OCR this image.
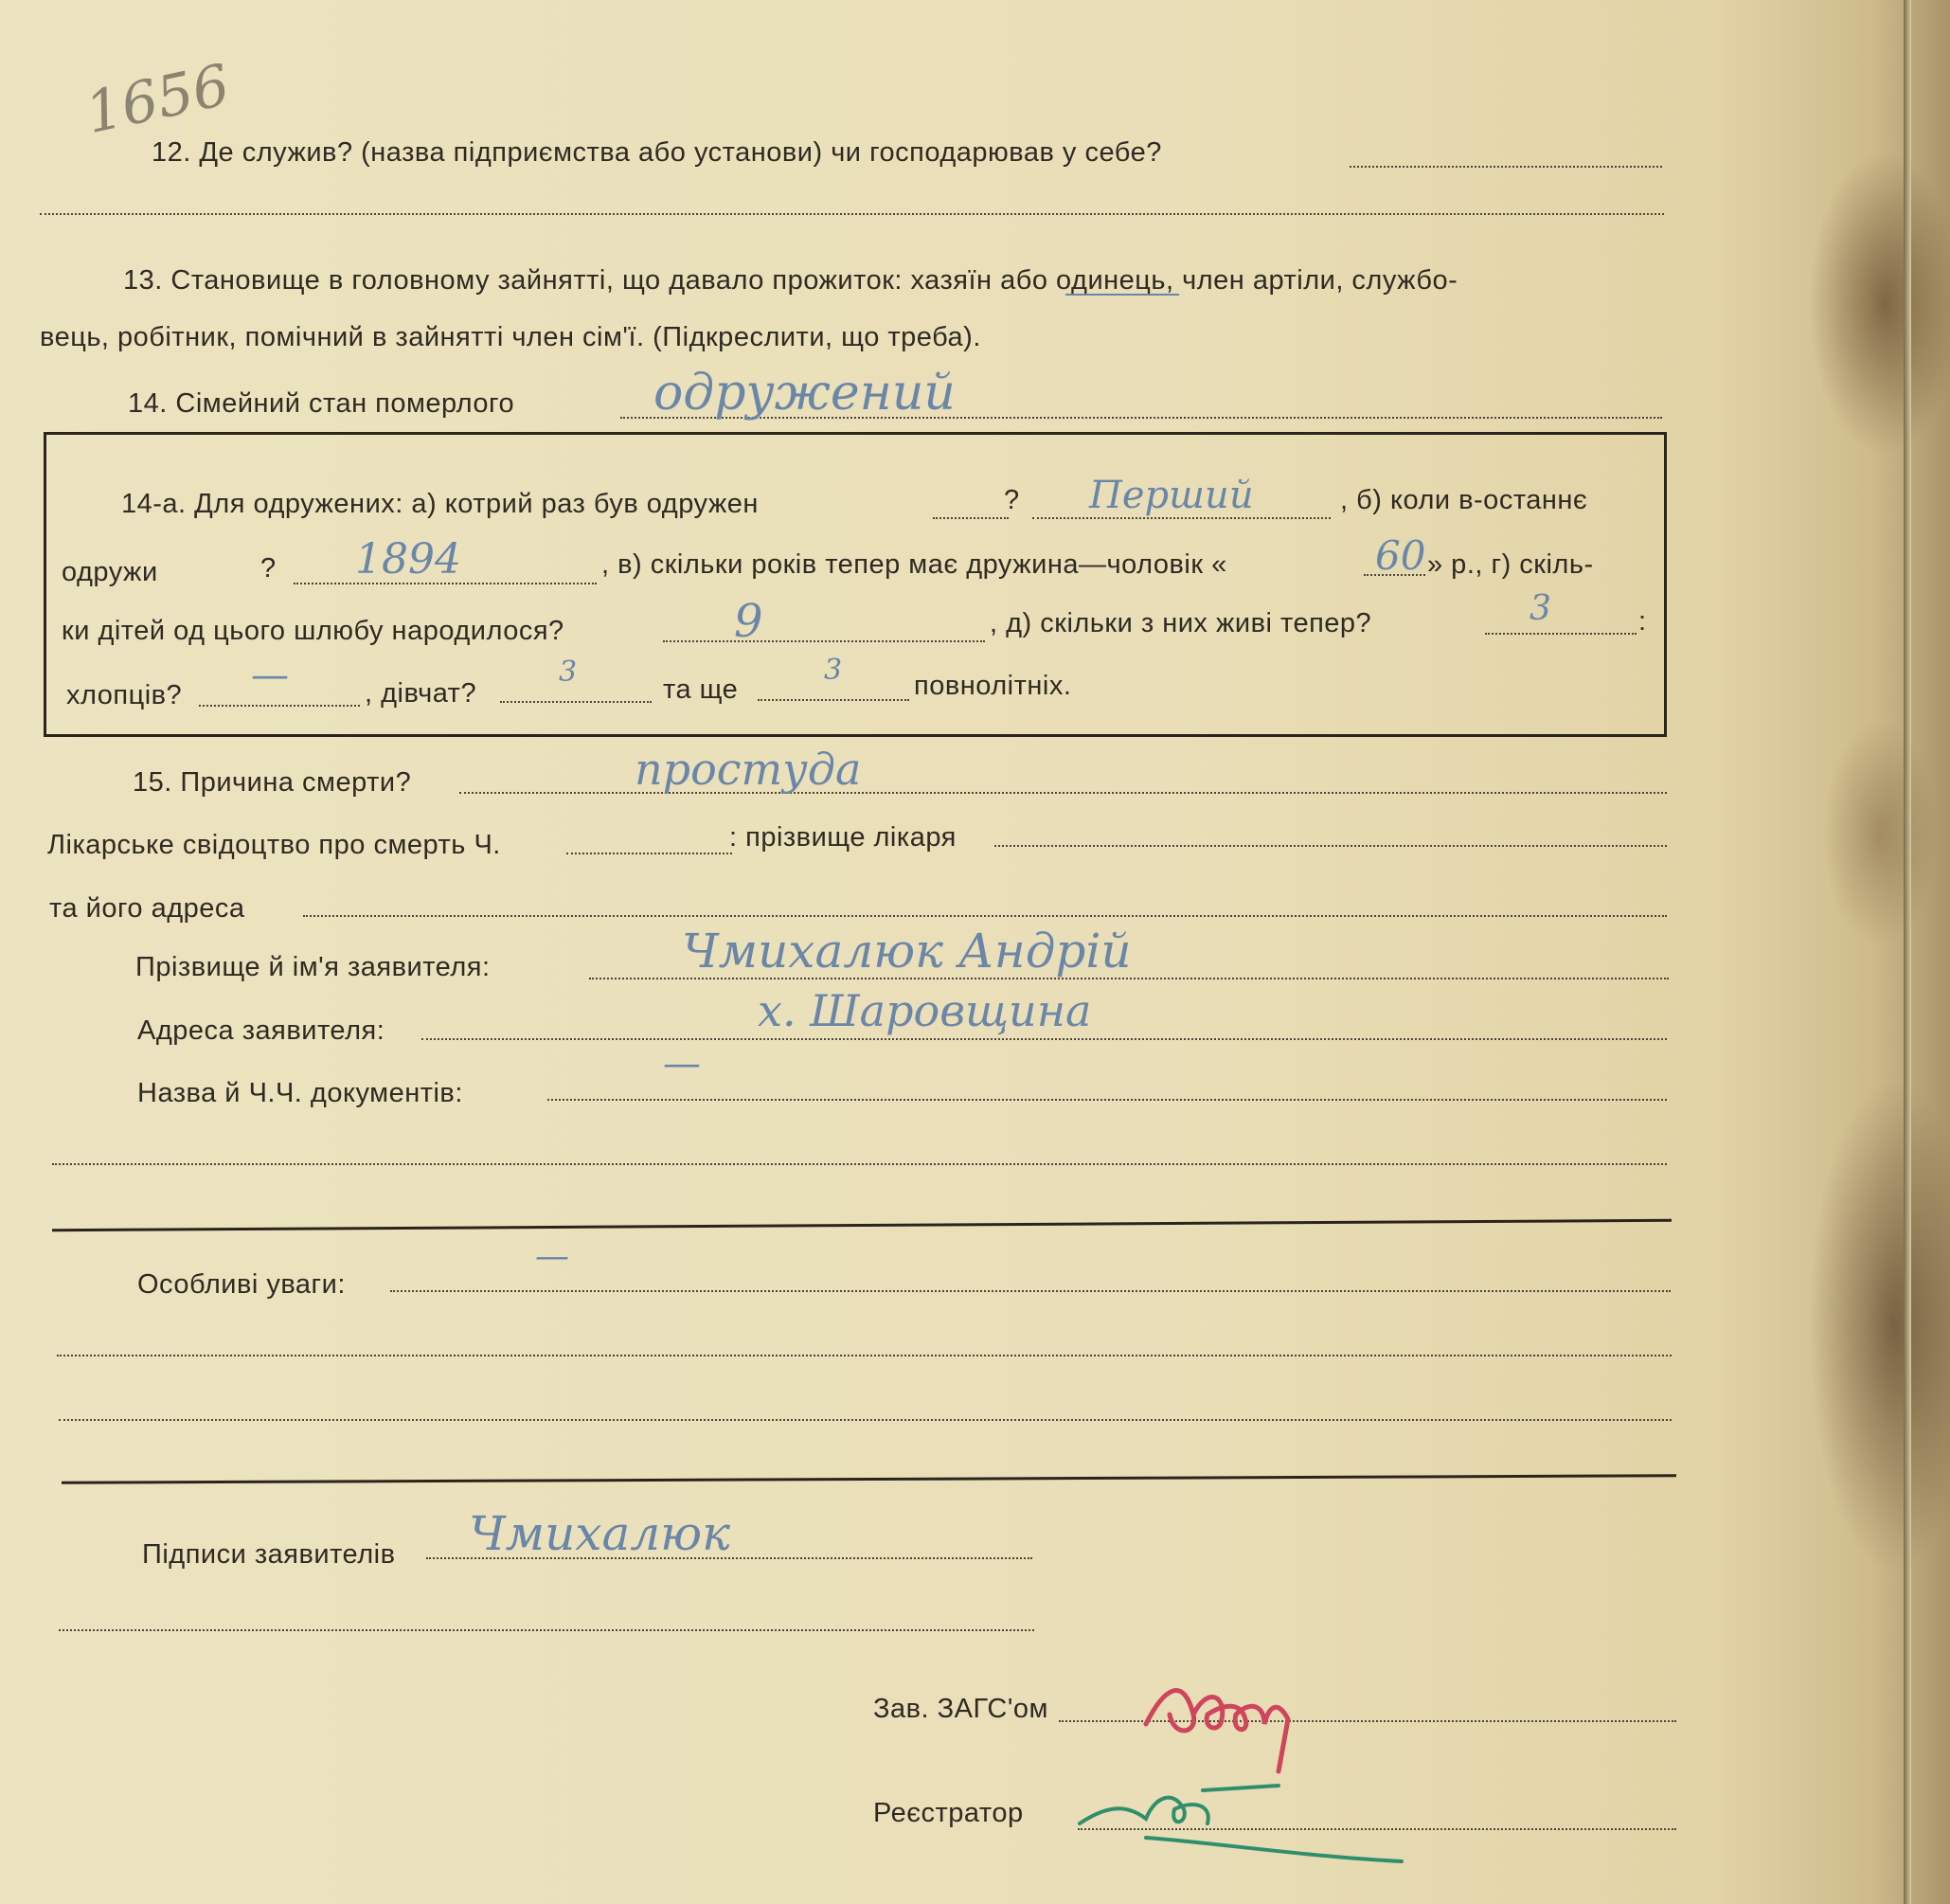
1656
12. Де служив? (назва підприємства або установи) чи господарював у себе?
13. Становище в головному зайнятті, що давало прожиток: хазяїн або одинець, член артіли, службо-
вець, робітник, помічний в зайнятті член сім'ї. (Підкреслити, що треба).
14. Сімейний стан померлого	одружений
14-а. Для одружених: а) котрий раз був одружен	? Перший	, б) коли в-останнє
одружи	? 1894	, в) скільки років тепер має дружина—чоловік «	60 » р., г) скіль-
ки дітей од цього шлюбу народилося?	9	, д) скільки з них живі тепер?	3	:
хлопців? —	, дівчат?
3
та ще
3	повнолітніх.
15. Причина смерти?	простуда
Лікарське свідоцтво про смерть Ч.	: прізвище лікаря
та його адреса
Прізвище й ім'я заявителя:	Чмихалюк Андрій
Адреса заявителя:	х. Шаровщина
Назва й Ч.Ч. документів:
—
Особливі уваги:
—
Підписи заявителів Чмихалюк
Зав. ЗАГС'ом
Реєстратор
